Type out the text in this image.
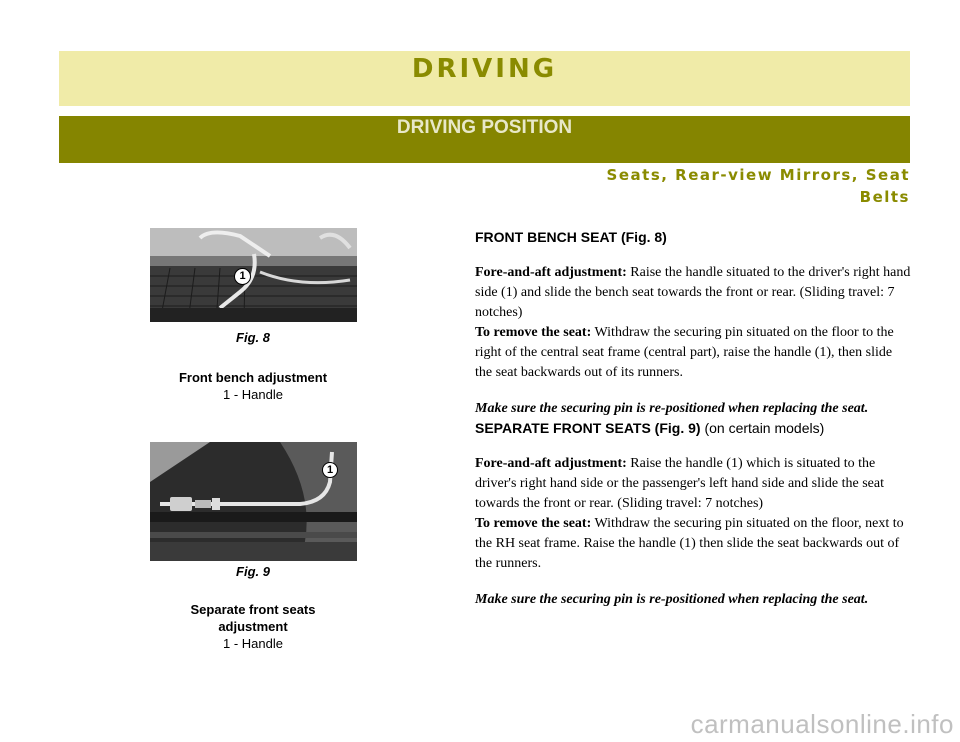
DRIVING
DRIVING POSITION
Seats, Rear-view Mirrors, Seat Belts
1
Fig. 8
Front bench adjustment
1 - Handle
1
Fig. 9
Separate front seats adjustment
1 - Handle

FRONT BENCH SEAT (Fig. 8)

Fore-and-aft adjustment: Raise the handle situated to the driver's right hand side (1) and slide the bench seat towards the front or rear. (Sliding travel: 7 notches)

To remove the seat: Withdraw the securing pin situated on the floor to the right of the central seat frame (central part), raise the handle (1), then slide the seat backwards out of its runners.

Make sure the securing pin is re-positioned when replacing the seat.

SEPARATE FRONT SEATS (Fig. 9) (on certain models)

Fore-and-aft adjustment: Raise the handle (1) which is situated to the driver's right hand side or the passenger's left hand side and slide the seat towards the front or rear. (Sliding travel: 7 notches)

To remove the seat: Withdraw the securing pin situated on the floor, next to the RH seat frame. Raise the handle (1) then slide the seat backwards out of the runners.

Make sure the securing pin is re-positioned when replacing the seat.

carmanualsonline.info
